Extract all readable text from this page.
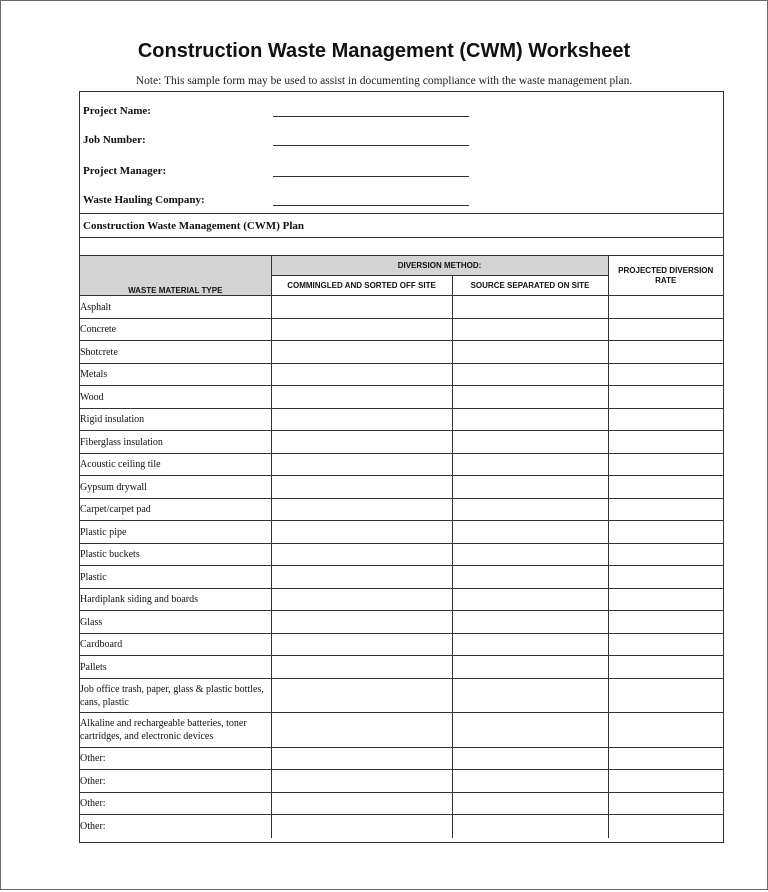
Construction Waste Management (CWM) Worksheet
Note: This sample form may be used to assist in documenting compliance with the waste management plan.
Project Name:
Job Number:
Project Manager:
Waste Hauling Company:
Construction Waste Management (CWM) Plan
WASTE MATERIAL TYPE	DIVERSION METHOD:		PROJECTED DIVERSION RATE
	COMMINGLED AND SORTED OFF SITE	SOURCE SEPARATED ON SITE	
Asphalt			
Concrete			
Shotcrete			
Metals			
Wood			
Rigid insulation			
Fiberglass insulation			
Acoustic ceiling tile			
Gypsum drywall			
Carpet/carpet pad			
Plastic pipe			
Plastic buckets			
Plastic			
Hardiplank siding and boards			
Glass			
Cardboard			
Pallets			
Job office trash, paper, glass & plastic bottles, cans, plastic			
Alkaline and rechargeable batteries, toner cartridges, and electronic devices			
Other:			
Other:			
Other:			
Other:			
